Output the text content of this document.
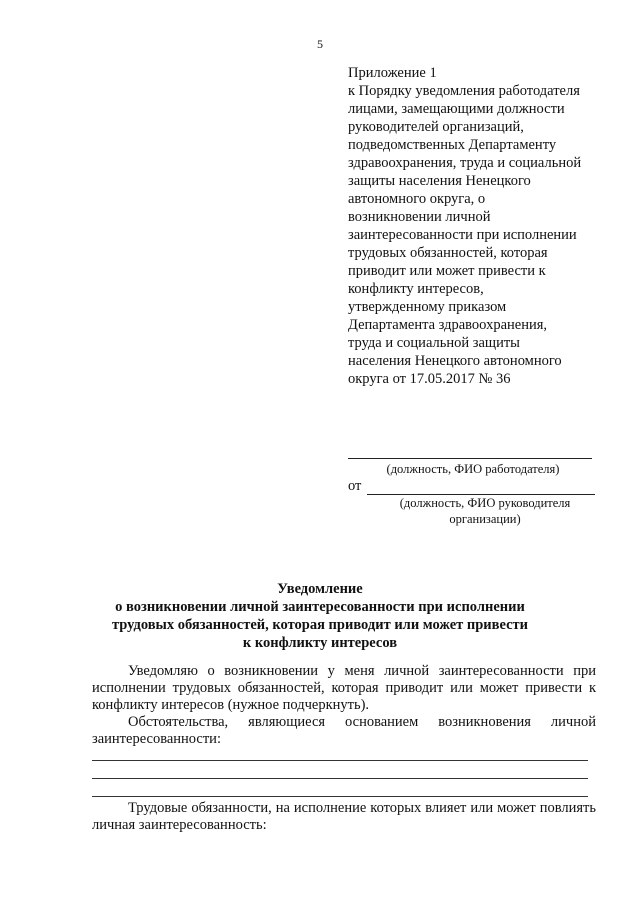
5
Приложение 1
к Порядку уведомления работодателя
лицами, замещающими должности
руководителей организаций,
подведомственных Департаменту
здравоохранения, труда и социальной
защиты населения Ненецкого
автономного округа, о
возникновении личной
заинтересованности при исполнении
трудовых обязанностей, которая
приводит или может привести к
конфликту интересов,
утвержденному приказом
Департамента здравоохранения,
труда и социальной защиты
населения Ненецкого автономного
округа от 17.05.2017 № 36
(должность, ФИО работодателя)
от
(должность, ФИО руководителя
организации)
Уведомление
о возникновении личной заинтересованности при исполнении
трудовых обязанностей, которая приводит или может привести
к конфликту интересов
Уведомляю о возникновении у меня личной заинтересованности при исполнении трудовых обязанностей, которая приводит или может привести к конфликту интересов (нужное подчеркнуть).
Обстоятельства, являющиеся основанием возникновения личной заинтересованности:
Трудовые обязанности, на исполнение которых влияет или может повлиять личная заинтересованность:
